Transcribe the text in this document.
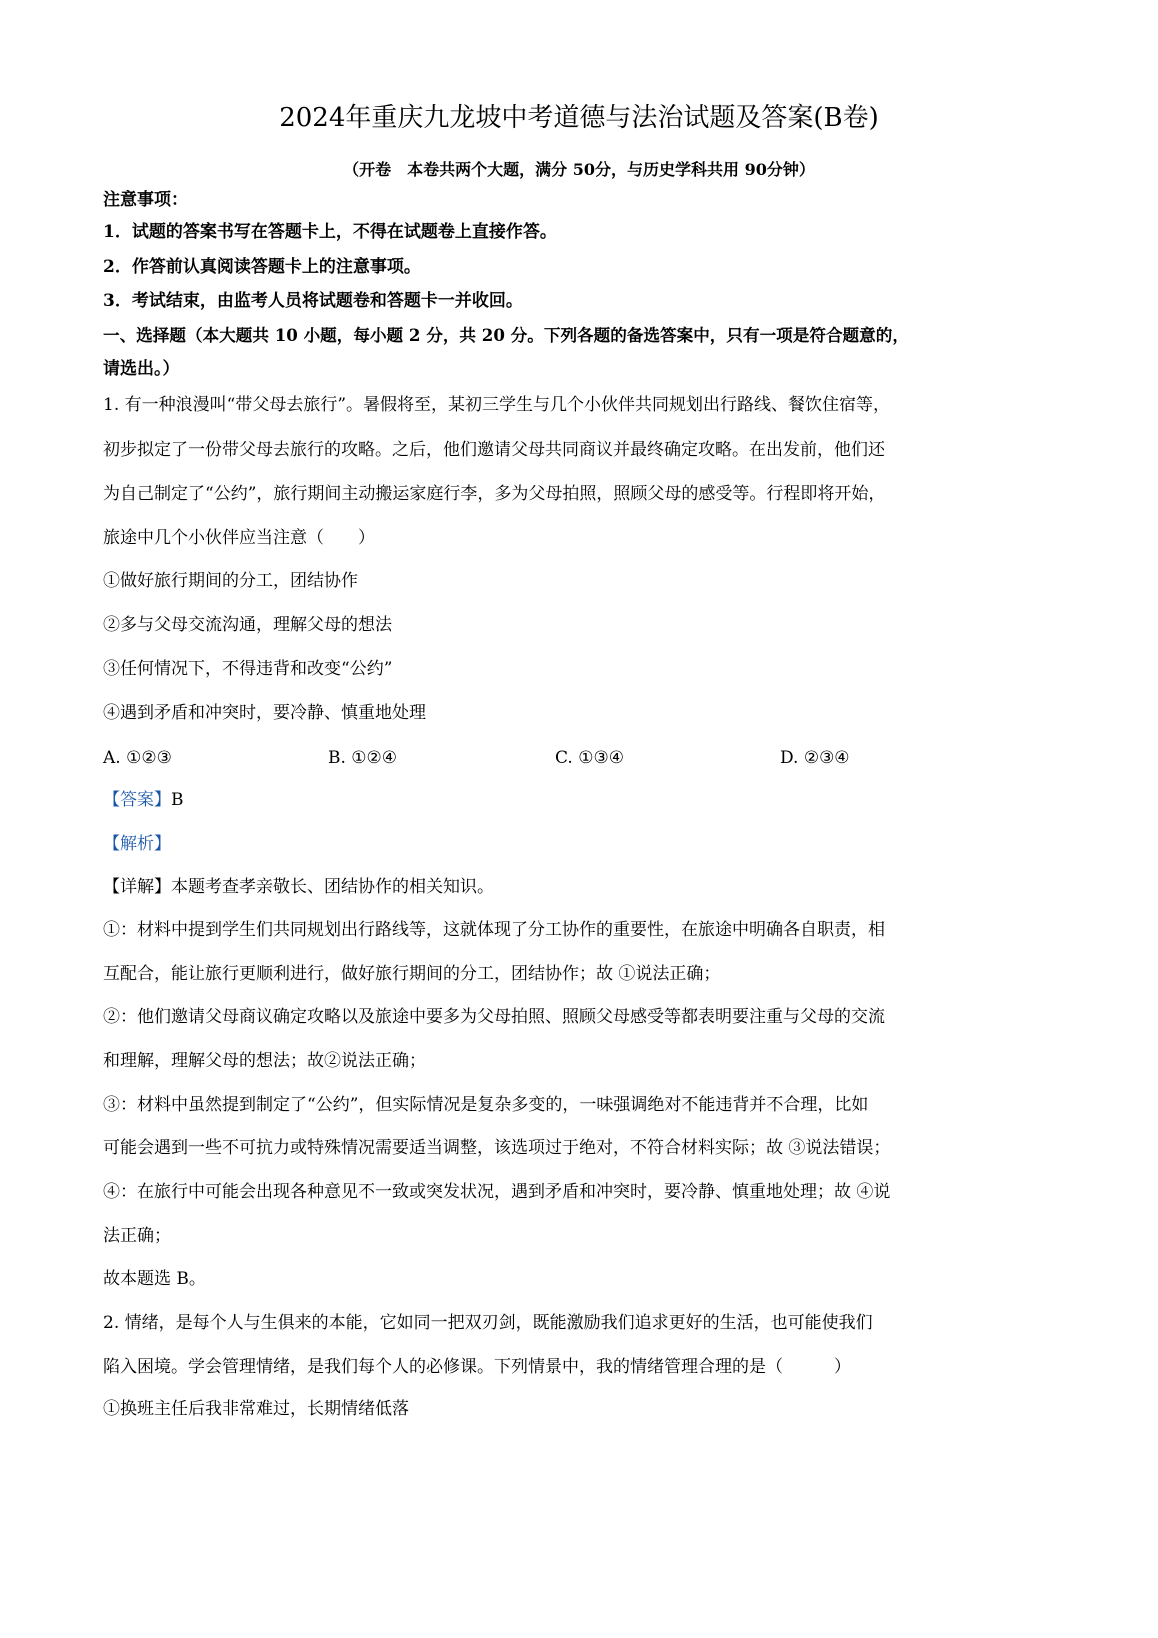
2024年重庆九龙坡中考道德与法治试题及答案(B卷)
（开卷　本卷共两个大题，满分 50分，与历史学科共用 90分钟）
注意事项：
1．试题的答案书写在答题卡上，不得在试题卷上直接作答。
2．作答前认真阅读答题卡上的注意事项。
3．考试结束，由监考人员将试题卷和答题卡一并收回。
一、选择题（本大题共 10 小题，每小题 2 分，共 20 分。下列各题的备选答案中，只有一项是符合题意的，
请选出。）
1. 有一种浪漫叫“带父母去旅行”。暑假将至，某初三学生与几个小伙伴共同规划出行路线、餐饮住宿等，
初步拟定了一份带父母去旅行的攻略。之后，他们邀请父母共同商议并最终确定攻略。在出发前，他们还
为自己制定了“公约”，旅行期间主动搬运家庭行李，多为父母拍照，照顾父母的感受等。行程即将开始，
旅途中几个小伙伴应当注意（　　）
①做好旅行期间的分工，团结协作
②多与父母交流沟通，理解父母的想法
③任何情况下，不得违背和改变“公约”
④遇到矛盾和冲突时，要冷静、慎重地处理
A. ①②③	B. ①②④	C. ①③④	D. ②③④
【答案】B
【解析】
【详解】本题考查孝亲敬长、团结协作的相关知识。
①：材料中提到学生们共同规划出行路线等，这就体现了分工协作的重要性，在旅途中明确各自职责，相
互配合，能让旅行更顺利进行，做好旅行期间的分工，团结协作；故 ①说法正确；
②：他们邀请父母商议确定攻略以及旅途中要多为父母拍照、照顾父母感受等都表明要注重与父母的交流
和理解，理解父母的想法；故②说法正确；
③：材料中虽然提到制定了“公约”，但实际情况是复杂多变的，一味强调绝对不能违背并不合理，比如
可能会遇到一些不可抗力或特殊情况需要适当调整，该选项过于绝对，不符合材料实际；故 ③说法错误；
④：在旅行中可能会出现各种意见不一致或突发状况，遇到矛盾和冲突时，要冷静、慎重地处理；故 ④说
法正确；
故本题选 B。
2. 情绪，是每个人与生俱来的本能，它如同一把双刃剑，既能激励我们追求更好的生活，也可能使我们
陷入困境。学会管理情绪，是我们每个人的必修课。下列情景中，我的情绪管理合理的是（　　　）
①换班主任后我非常难过，长期情绪低落
